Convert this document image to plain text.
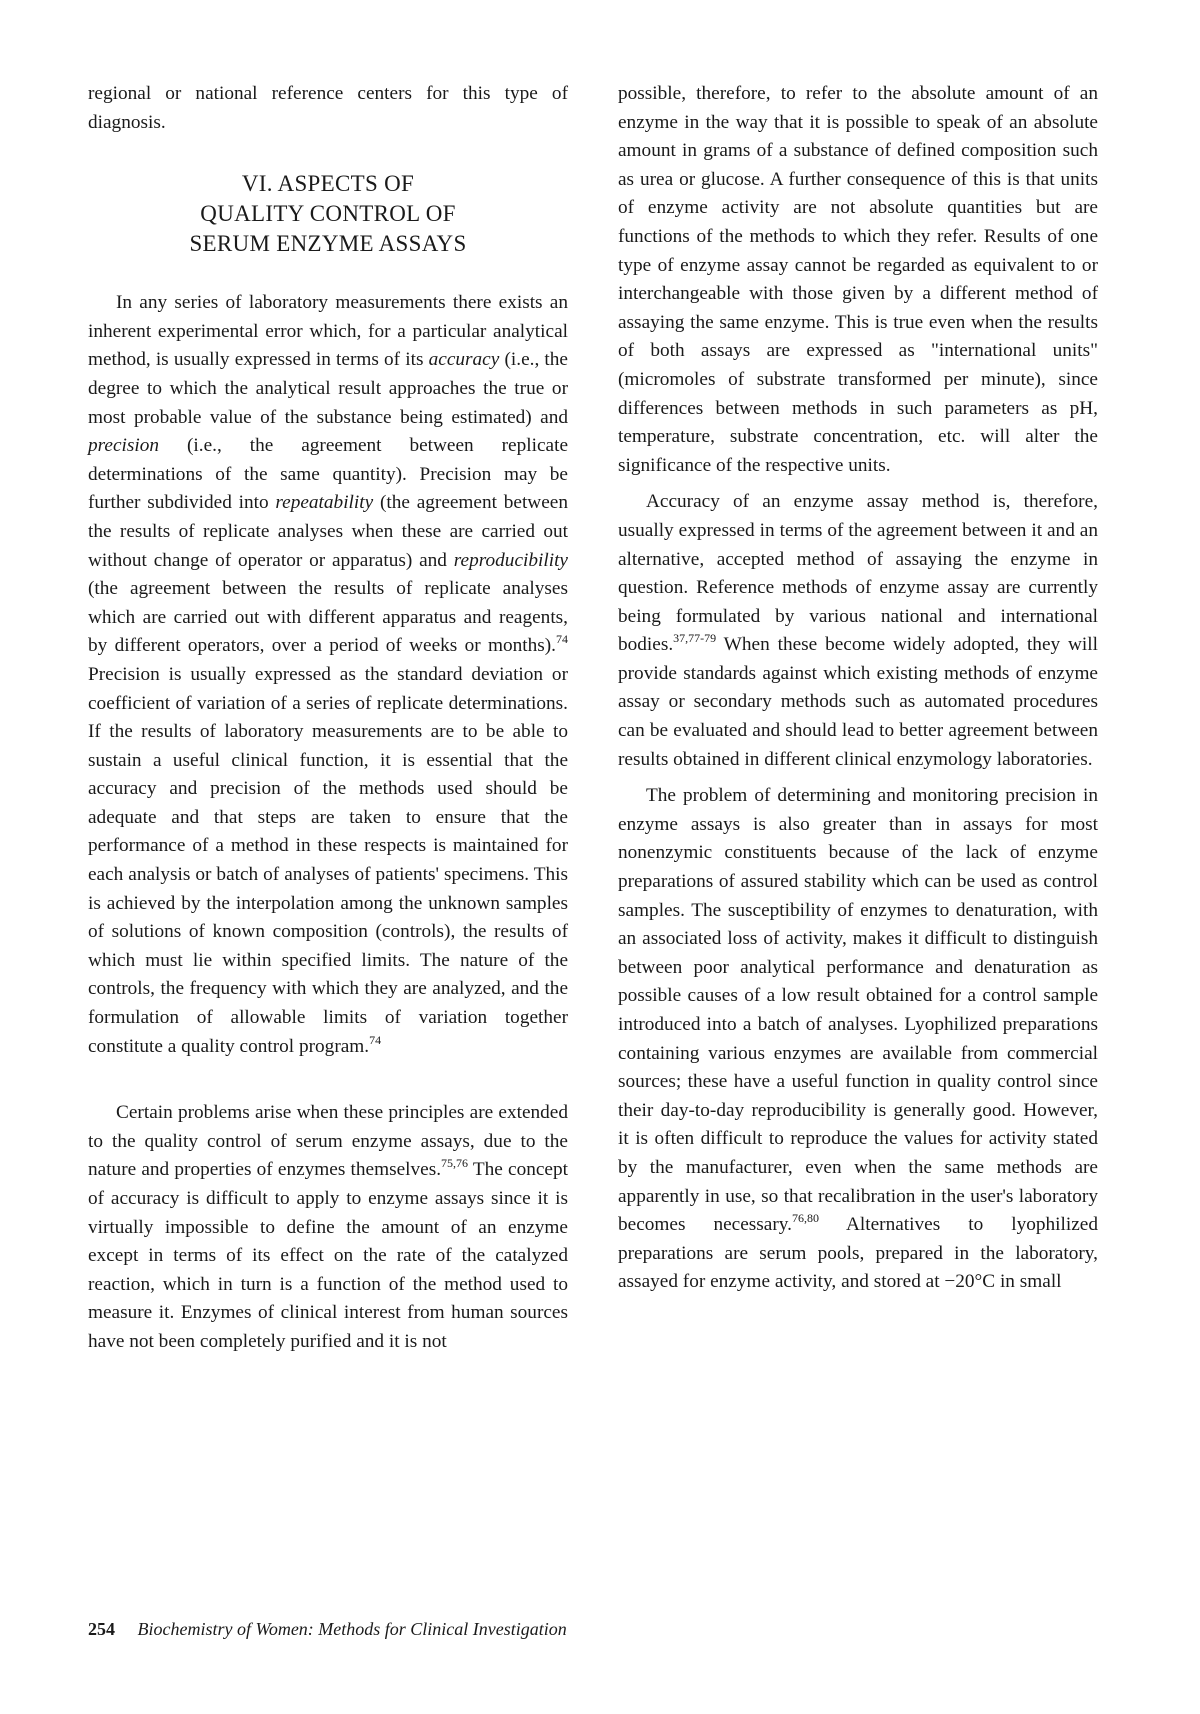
regional or national reference centers for this type of diagnosis.

VI. ASPECTS OF
QUALITY CONTROL OF
SERUM ENZYME ASSAYS

In any series of laboratory measurements there exists an inherent experimental error which, for a particular analytical method, is usually expressed in terms of its accuracy (i.e., the degree to which the analytical result approaches the true or most probable value of the substance being estimated) and precision (i.e., the agreement between replicate determinations of the same quantity). Precision may be further subdivided into repeatability (the agreement between the results of replicate analyses when these are carried out without change of operator or apparatus) and reproducibility (the agreement between the results of replicate analyses which are carried out with different apparatus and reagents, by different operators, over a period of weeks or months).$^{74}$ Precision is usually expressed as the standard deviation or coefficient of variation of a series of replicate determinations. If the results of laboratory measurements are to be able to sustain a useful clinical function, it is essential that the accuracy and precision of the methods used should be adequate and that steps are taken to ensure that the performance of a method in these respects is maintained for each analysis or batch of analyses of patients' specimens. This is achieved by the interpolation among the unknown samples of solutions of known composition (controls), the results of which must lie within specified limits. The nature of the controls, the frequency with which they are analyzed, and the formulation of allowable limits of variation together constitute a quality control program.$^{74}$

Certain problems arise when these principles are extended to the quality control of serum enzyme assays, due to the nature and properties of enzymes themselves.$^{75,76}$ The concept of accuracy is difficult to apply to enzyme assays since it is virtually impossible to define the amount of an enzyme except in terms of its effect on the rate of the catalyzed reaction, which in turn is a function of the method used to measure it. Enzymes of clinical interest from human sources have not been completely purified and it is not

possible, therefore, to refer to the absolute amount of an enzyme in the way that it is possible to speak of an absolute amount in grams of a substance of defined composition such as urea or glucose. A further consequence of this is that units of enzyme activity are not absolute quantities but are functions of the methods to which they refer. Results of one type of enzyme assay cannot be regarded as equivalent to or interchangeable with those given by a different method of assaying the same enzyme. This is true even when the results of both assays are expressed as "international units" (micromoles of substrate transformed per minute), since differences between methods in such parameters as pH, temperature, substrate concentration, etc. will alter the significance of the respective units.

Accuracy of an enzyme assay method is, therefore, usually expressed in terms of the agreement between it and an alternative, accepted method of assaying the enzyme in question. Reference methods of enzyme assay are currently being formulated by various national and international bodies.$^{37,77-79}$ When these become widely adopted, they will provide standards against which existing methods of enzyme assay or secondary methods such as automated procedures can be evaluated and should lead to better agreement between results obtained in different clinical enzymology laboratories.

The problem of determining and monitoring precision in enzyme assays is also greater than in assays for most nonenzymic constituents because of the lack of enzyme preparations of assured stability which can be used as control samples. The susceptibility of enzymes to denaturation, with an associated loss of activity, makes it difficult to distinguish between poor analytical performance and denaturation as possible causes of a low result obtained for a control sample introduced into a batch of analyses. Lyophilized preparations containing various enzymes are available from commercial sources; these have a useful function in quality control since their day-to-day reproducibility is generally good. However, it is often difficult to reproduce the values for activity stated by the manufacturer, even when the same methods are apparently in use, so that recalibration in the user's laboratory becomes necessary.$^{76,80}$ Alternatives to lyophilized preparations are serum pools, prepared in the laboratory, assayed for enzyme activity, and stored at −20°C in small

254 Biochemistry of Women: Methods for Clinical Investigation
